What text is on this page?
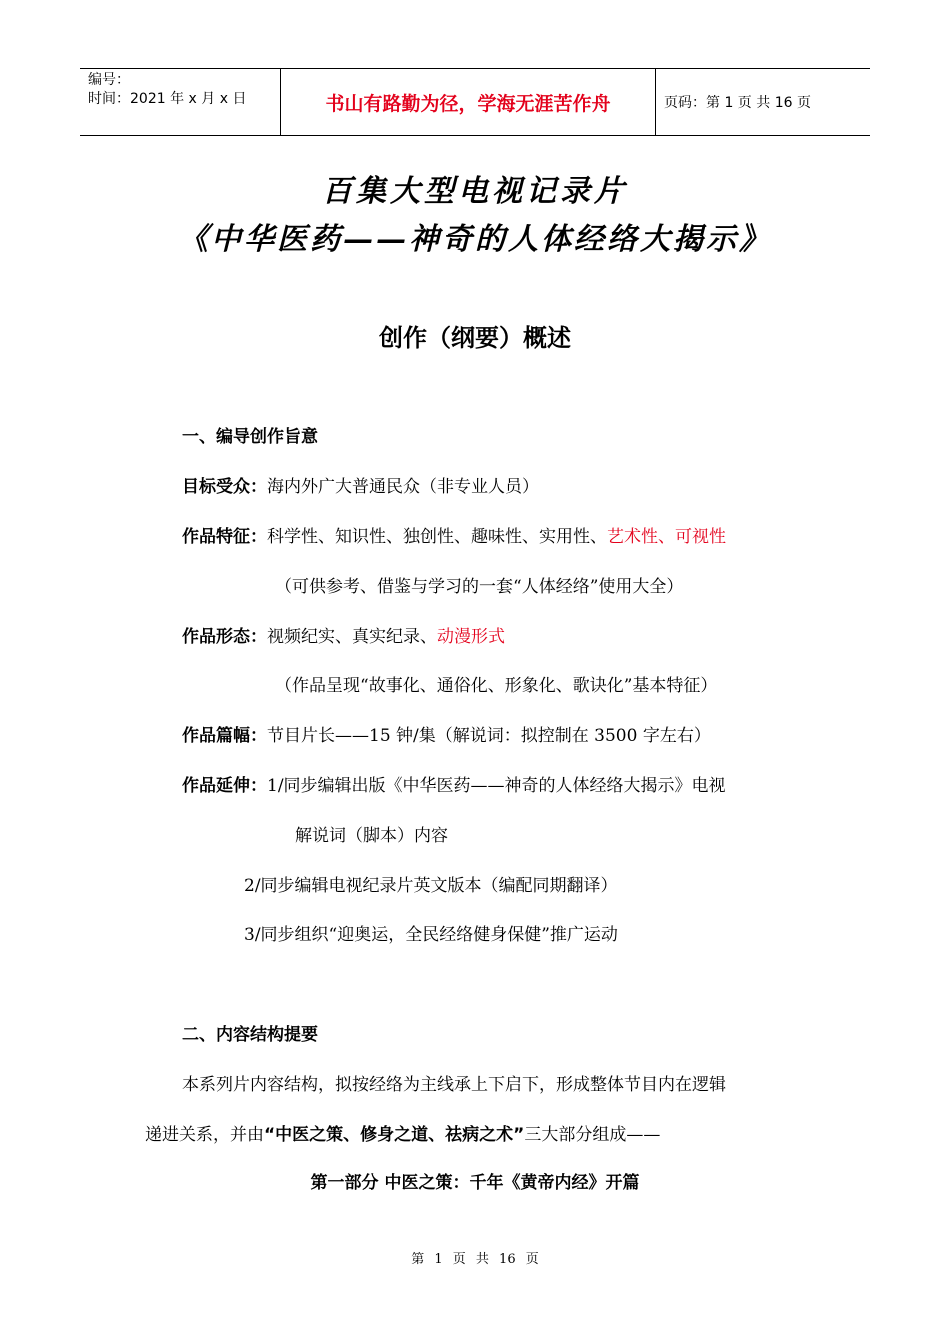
编号：
时间：2021 年 x 月 x 日	书山有路勤为径，学海无涯苦作舟	页码：第 1 页 共 16 页
百集大型电视记录片
《中华医药——神奇的人体经络大揭示》
创作（纲要）概述
一、编导创作旨意
目标受众：海内外广大普通民众（非专业人员）
作品特征：科学性、知识性、独创性、趣味性、实用性、艺术性、可视性
（可供参考、借鉴与学习的一套“人体经络”使用大全）
作品形态：视频纪实、真实纪录、动漫形式
（作品呈现“故事化、通俗化、形象化、歌诀化”基本特征）
作品篇幅：节目片长——15 钟/集（解说词：拟控制在 3500 字左右）
作品延伸：1/同步编辑出版《中华医药——神奇的人体经络大揭示》电视
解说词（脚本）内容
2/同步编辑电视纪录片英文版本（编配同期翻译）
3/同步组织“迎奥运，全民经络健身保健”推广运动
二、内容结构提要
本系列片内容结构，拟按经络为主线承上下启下，形成整体节目内在逻辑
递进关系，并由“中医之策、修身之道、祛病之术”三大部分组成——
第一部分 中医之策：千年《黄帝内经》开篇
第 1 页 共 16 页
